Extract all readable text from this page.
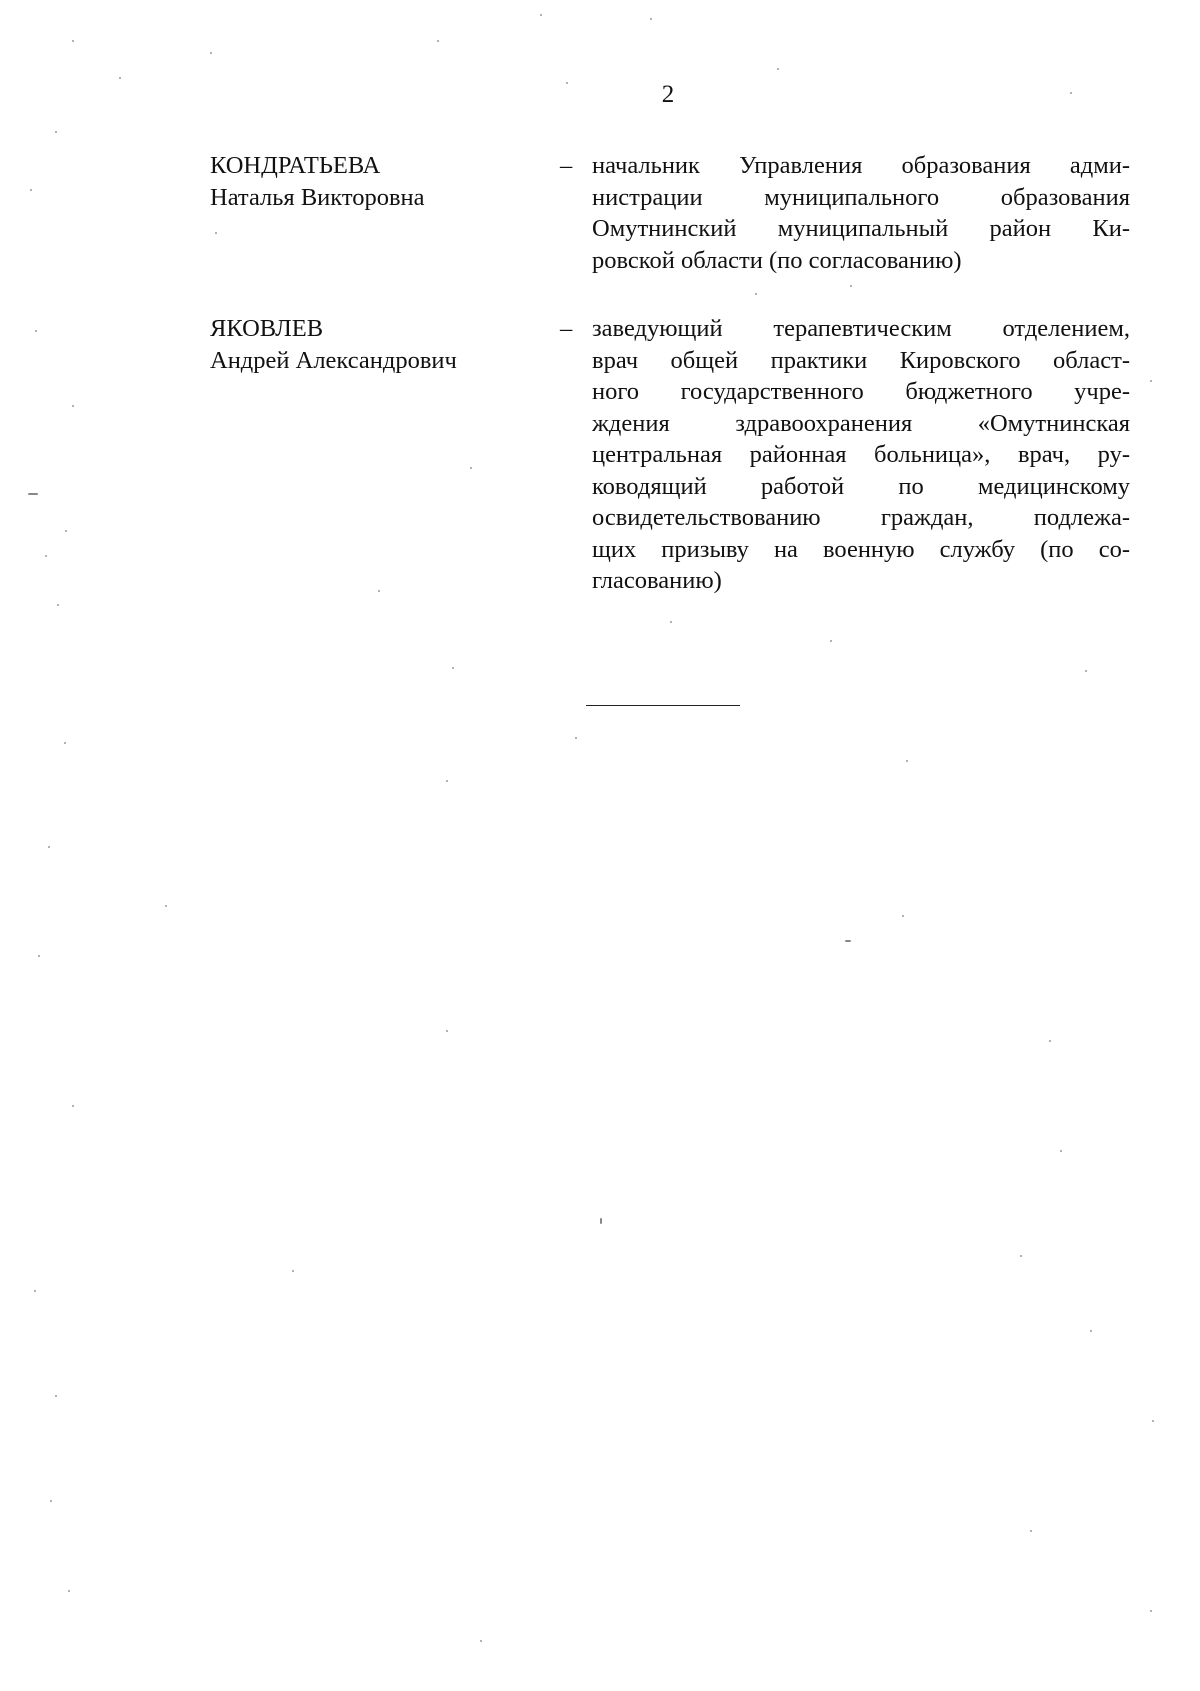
2
КОНДРАТЬЕВА
Наталья Викторовна
– начальник Управления образования адми-
нистрации муниципального образования
Омутнинский муниципальный район Ки-
ровской области (по согласованию)
ЯКОВЛЕВ
Андрей Александрович
– заведующий терапевтическим отделением,
врач общей практики Кировского област-
ного государственного бюджетного учре-
ждения здравоохранения «Омутнинская
центральная районная больница», врач, ру-
ководящий работой по медицинскому
освидетельствованию граждан, подлежа-
щих призыву на военную службу (по со-
гласованию)
